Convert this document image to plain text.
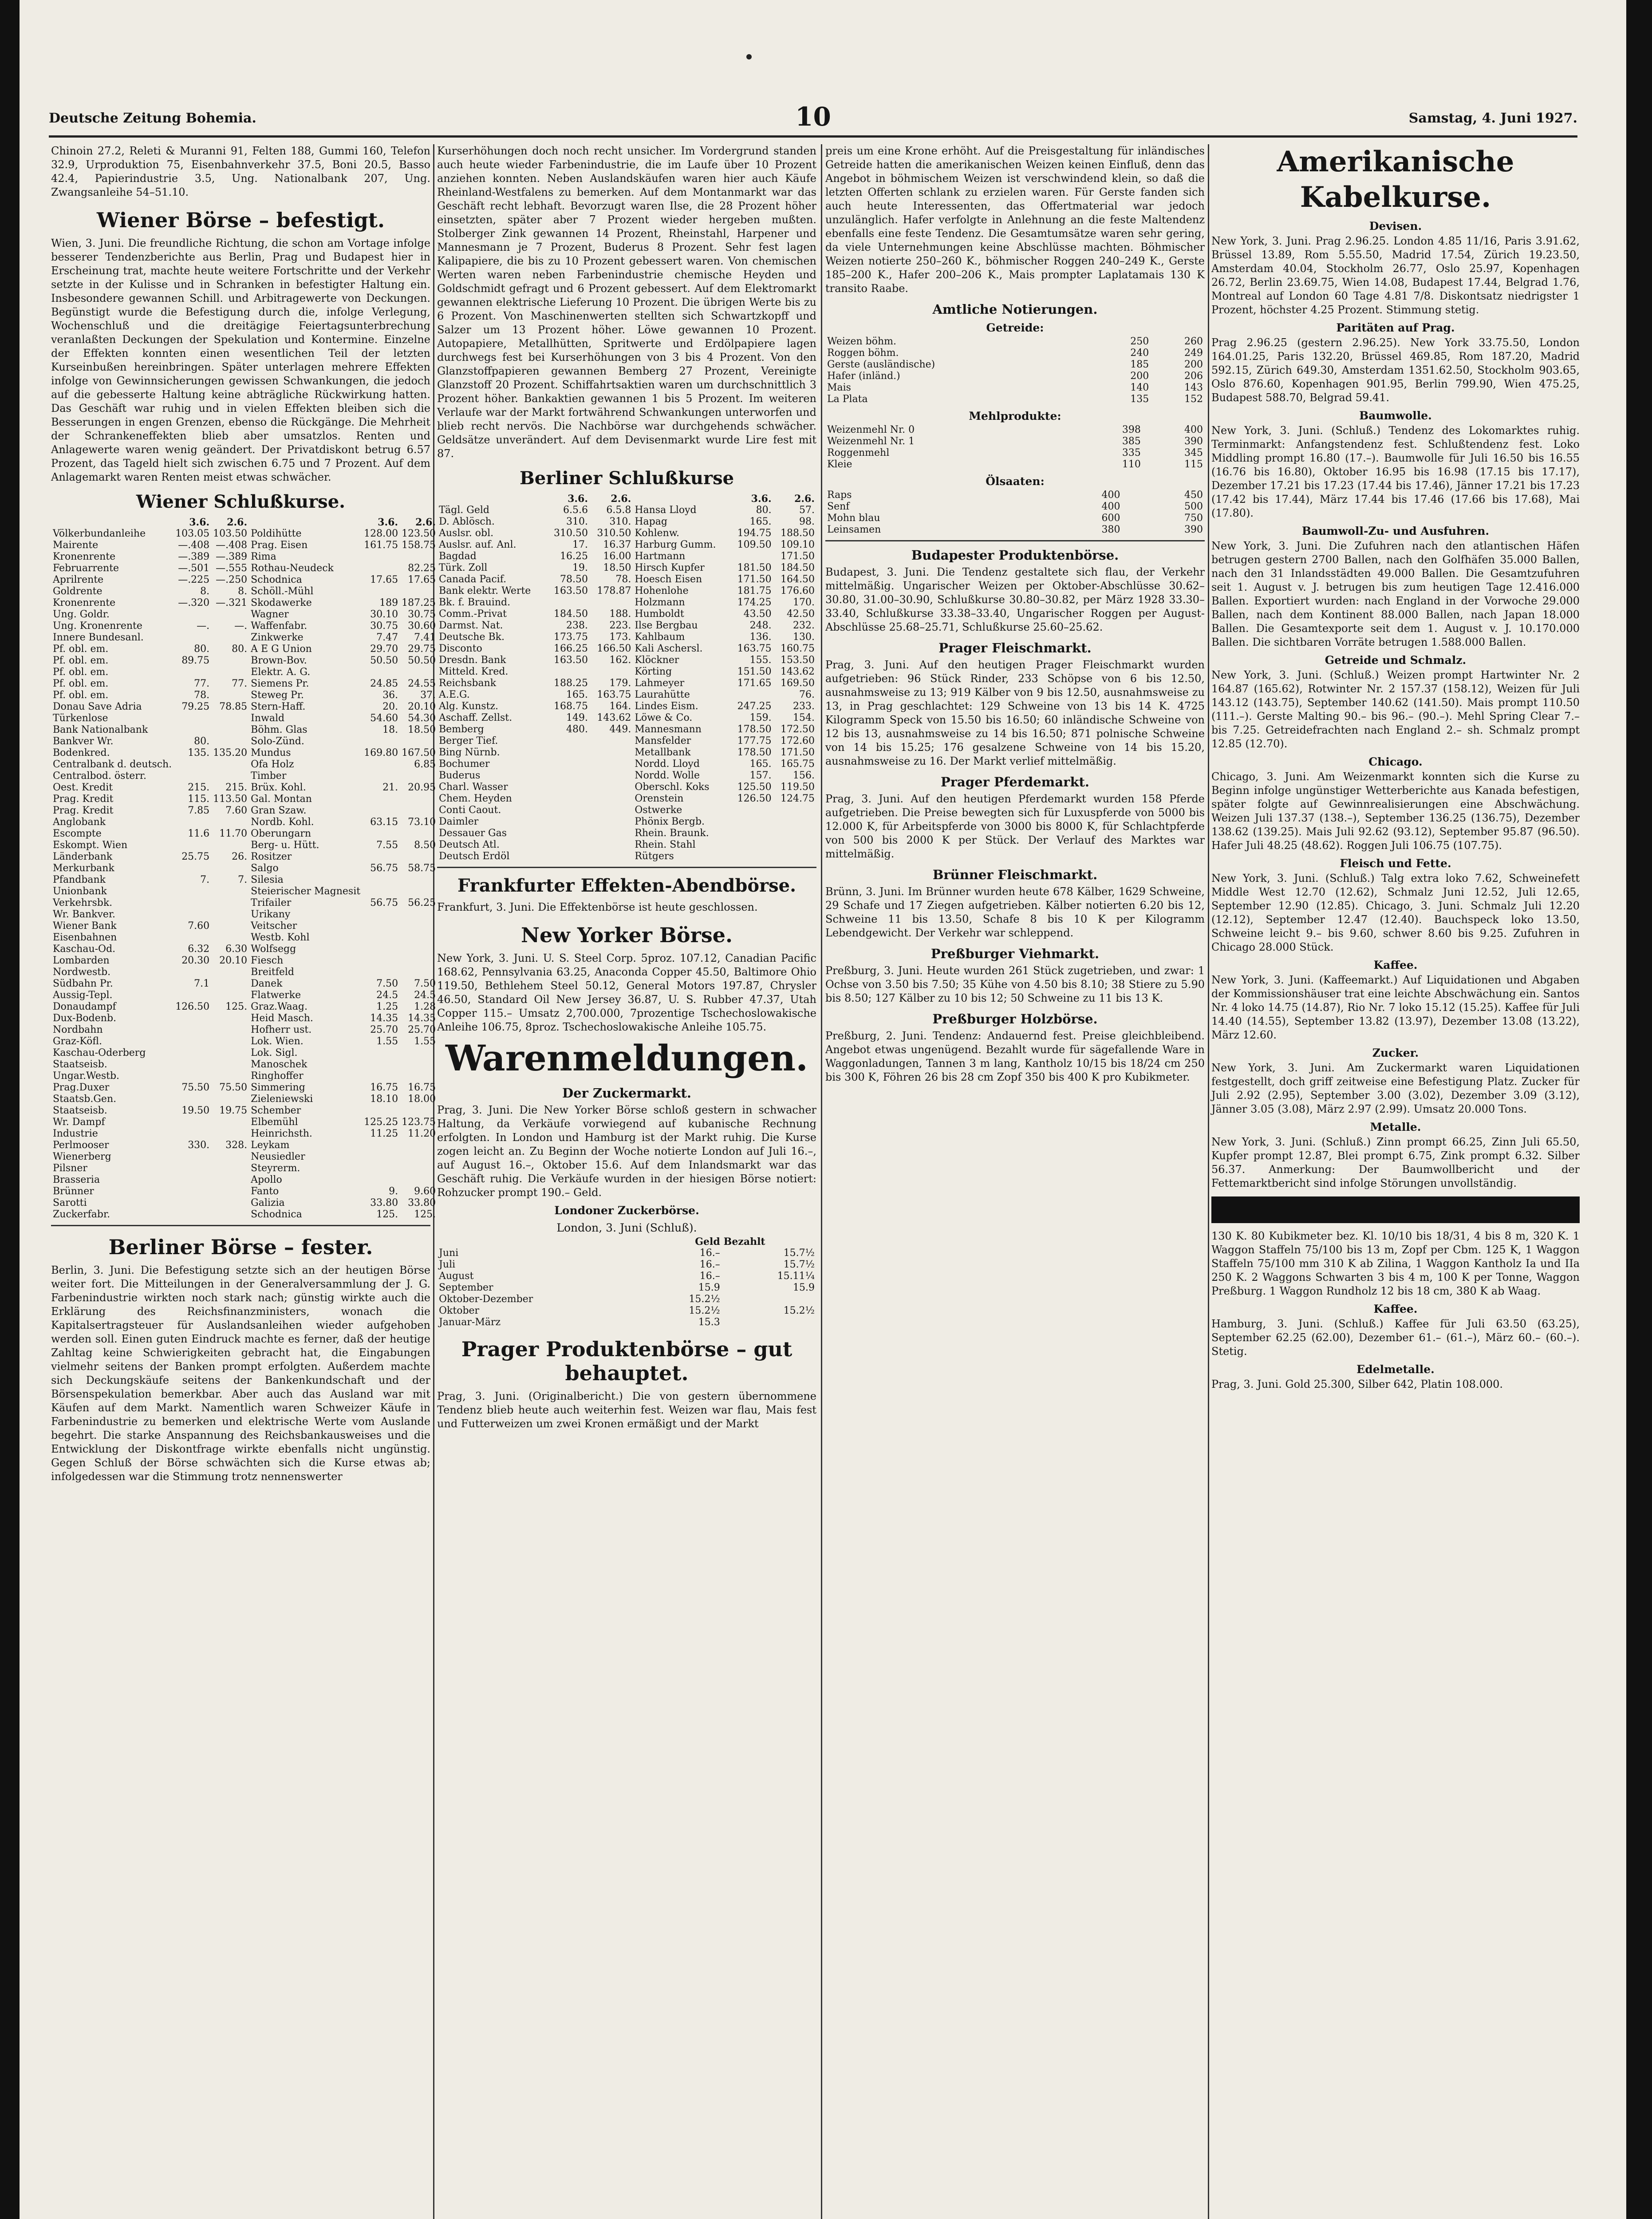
Deutsche Zeitung Bohemia.	10	Samstag, 4. Juni 1927.

Chinoin 27.2, Releti & Muranni 91, Felten 188, Gummi 160, Telefon 32.9, Urproduktion 75, Eisenbahnverkehr 37.5, Boni 20.5, Basso 42.4, Papierindustrie 3.5, Ung. Nationalbank 207, Ung. Zwangsanleihe 54–51.10.

Wiener Börse – befestigt.

Wien, 3. Juni. Die freundliche Richtung, die schon am Vortage infolge besserer Tendenzberichte aus Berlin, Prag und Budapest hier in Erscheinung trat, machte heute weitere Fortschritte und der Verkehr setzte in der Kulisse und in Schranken in befestigter Haltung ein. Insbesondere gewannen Schill. und Arbitragewerte von Deckungen. Begünstigt wurde die Befestigung durch die, infolge Verlegung, Wochenschluß und die dreitägige Feiertagsunterbrechung veranlaßten Deckungen der Spekulation und Kontermine. Einzelne der Effekten konnten einen wesentlichen Teil der letzten Kurseinbußen hereinbringen. Später unterlagen mehrere Effekten infolge von Gewinnsicherungen gewissen Schwankungen, die jedoch auf die gebesserte Haltung keine abträgliche Rückwirkung hatten. Das Geschäft war ruhig und in vielen Effekten bleiben sich die Besserungen in engen Grenzen, ebenso die Rückgänge. Die Mehrheit der Schrankeneffekten blieb aber umsatzlos. Renten und Anlagewerte waren wenig geändert. Der Privatdiskont betrug 6.57 Prozent, das Tageld hielt sich zwischen 6.75 und 7 Prozent. Auf dem Anlagemarkt waren Renten meist etwas schwächer.

Wiener Schlußkurse.
	3.6.	2.6.		3.6.	2.6.
Völkerbundanleihe	103.05	103.50	Poldihütte	128.00	123.50
Mairente	—.408	—.408	Prag. Eisen	161.75	158.75
Kronenrente	—.389	—.389	Rima		
Februarrente	—.501	—.555	Rothau-Neudeck		82.25
Aprilrente	—.225	—.250	Schodnica	17.65	17.65
Goldrente	8.	8.	Schöll.-Mühl		
Kronenrente	—.320	—.321	Skodawerke	189	187.25
Ung. Goldr.			Wagner	30.10	30.75
Ung. Kronenrente	—.	—.	Waffenfabr.	30.75	30.60
Innere Bundesanl.			Zinkwerke	7.47	7.41
Pf. obl. em.	80.	80.	A E G Union	29.70	29.75
Pf. obl. em.	89.75		Brown-Bov.	50.50	50.50
Pf. obl. em.			Elektr. A. G.		
Pf. obl. em.	77.	77.	Siemens Pr.	24.85	24.55
Pf. obl. em.	78.		Steweg Pr.	36.	37.
Donau Save Adria	79.25	78.85	Stern-Haff.	20.	20.10
Türkenlose			Inwald	54.60	54.30
Bank Nationalbank			Böhm. Glas	18.	18.50
Bankver Wr.	80.		Solo-Zünd.		
Bodenkred.	135.	135.20	Mundus	169.80	167.50
Centralbank d. deutsch.			Ofa Holz		6.85
Centralbod. österr.			Timber		
Oest. Kredit	215.	215.	Brüx. Kohl.	21.	20.95
Prag. Kredit	115.	113.50	Gal. Montan		
Prag. Kredit	7.85	7.60	Gran Szaw.		
Anglobank			Nordb. Kohl.	63.15	73.10
Escompte	11.6	11.70	Oberungarn		
Eskompt. Wien			Berg- u. Hütt.	7.55	8.50
Länderbank	25.75	26.	Rositzer		
Merkurbank			Salgo	56.75	58.75
Pfandbank	7.	7.	Silesia		
Unionbank			Steierischer Magnesit		
Verkehrsbk.			Trifailer	56.75	56.25
Wr. Bankver.			Urikany		
Wiener Bank	7.60		Veitscher		
Eisenbahnen			Westb. Kohl		
Kaschau-Od.	6.32	6.30	Wolfsegg		
Lombarden	20.30	20.10	Fiesch		
Nordwestb.			Breitfeld		
Südbahn Pr.	7.1		Danek	7.50	7.50
Aussig-Tepl.			Flatwerke	24.5	24.5
Donaudampf	126.50	125.	Graz.Waag.	1.25	1.28
Dux-Bodenb.			Heid Masch.	14.35	14.35
Nordbahn			Hofherr ust.	25.70	25.70
Graz-Köfl.			Lok. Wien.	1.55	1.55
Kaschau-Oderberg			Lok. Sigl.		
Staatseisb.			Manoschek		
Ungar.Westb.			Ringhoffer		
Prag.Duxer	75.50	75.50	Simmering	16.75	16.75
Staatsb.Gen.			Zieleniewski	18.10	18.00
Staatseisb.	19.50	19.75	Schember		
Wr. Dampf			Elbemühl	125.25	123.75
Industrie			Heinrichsth.	11.25	11.20
Perlmooser	330.	328.	Leykam		
Wienerberg			Neusiedler		
Pilsner			Steyrerm.		
Brasseria			Apollo		
Brünner			Fanto	9.	9.60
Sarotti			Galizia	33.80	33.80
Zuckerfabr.			Schodnica	125.	125.
Berliner Börse – fester.

Berlin, 3. Juni. Die Befestigung setzte sich an der heutigen Börse weiter fort. Die Mitteilungen in der Generalversammlung der J. G. Farbenindustrie wirkten noch stark nach; günstig wirkte auch die Erklärung des Reichsfinanzministers, wonach die Kapitalsertragsteuer für Auslandsanleihen wieder aufgehoben werden soll. Einen guten Eindruck machte es ferner, daß der heutige Zahltag keine Schwierigkeiten gebracht hat, die Eingabungen vielmehr seitens der Banken prompt erfolgten. Außerdem machte sich Deckungskäufe seitens der Bankenkundschaft und der Börsenspekulation bemerkbar. Aber auch das Ausland war mit Käufen auf dem Markt. Namentlich waren Schweizer Käufe in Farbenindustrie zu bemerken und elektrische Werte vom Auslande begehrt. Die starke Anspannung des Reichsbankausweises und die Entwicklung der Diskontfrage wirkte ebenfalls nicht ungünstig. Gegen Schluß der Börse schwächten sich die Kurse etwas ab; infolgedessen war die Stimmung trotz nennenswerter

Kurserhöhungen doch noch recht unsicher. Im Vordergrund standen auch heute wieder Farbenindustrie, die im Laufe über 10 Prozent anziehen konnten. Neben Auslandskäufen waren hier auch Käufe Rheinland-Westfalens zu bemerken. Auf dem Montanmarkt war das Geschäft recht lebhaft. Bevorzugt waren Ilse, die 28 Prozent höher einsetzten, später aber 7 Prozent wieder hergeben mußten. Stolberger Zink gewannen 14 Prozent, Rheinstahl, Harpener und Mannesmann je 7 Prozent, Buderus 8 Prozent. Sehr fest lagen Kalipapiere, die bis zu 10 Prozent gebessert waren. Von chemischen Werten waren neben Farbenindustrie chemische Heyden und Goldschmidt gefragt und 6 Prozent gebessert. Auf dem Elektromarkt gewannen elektrische Lieferung 10 Prozent. Die übrigen Werte bis zu 6 Prozent. Von Maschinenwerten stellten sich Schwartzkopff und Salzer um 13 Prozent höher. Löwe gewannen 10 Prozent. Autopapiere, Metallhütten, Spritwerte und Erdölpapiere lagen durchwegs fest bei Kurserhöhungen von 3 bis 4 Prozent. Von den Glanzstoffpapieren gewannen Bemberg 27 Prozent, Vereinigte Glanzstoff 20 Prozent. Schiffahrtsaktien waren um durchschnittlich 3 Prozent höher. Bankaktien gewannen 1 bis 5 Prozent. Im weiteren Verlaufe war der Markt fortwährend Schwankungen unterworfen und blieb recht nervös. Die Nachbörse war durchgehends schwächer. Geldsätze unverändert. Auf dem Devisenmarkt wurde Lire fest mit 87.

Berliner Schlußkurse
	3.6.	2.6.		3.6.	2.6.
Tägl. Geld	6.5.6	6.5.8	Hansa Lloyd	80.	57.
D. Ablösch.	310.	310.	Hapag	165.	98.
Auslsr. obl.	310.50	310.50	Kohlenw.	194.75	188.50
Auslsr. auf. Anl.	17.	16.37	Harburg Gumm.	109.50	109.10
Bagdad	16.25	16.00	Hartmann		171.50
Türk. Zoll	19.	18.50	Hirsch Kupfer	181.50	184.50
Canada Pacif.	78.50	78.	Hoesch Eisen	171.50	164.50
Bank elektr. Werte	163.50	178.87	Hohenlohe	181.75	176.60
Bk. f. Brauind.			Holzmann	174.25	170.
Comm.-Privat	184.50	188.	Humboldt	43.50	42.50
Darmst. Nat.	238.	223.	Ilse Bergbau	248.	232.
Deutsche Bk.	173.75	173.	Kahlbaum	136.	130.
Disconto	166.25	166.50	Kali Aschersl.	163.75	160.75
Dresdn. Bank	163.50	162.	Klöckner	155.	153.50
Mitteld. Kred.			Körting	151.50	143.62
Reichsbank	188.25	179.	Lahmeyer	171.65	169.50
A.E.G.	165.	163.75	Laurahütte		76.
Alg. Kunstz.	168.75	164.	Lindes Eism.	247.25	233.
Aschaff. Zellst.	149.	143.62	Löwe & Co.	159.	154.
Bemberg	480.	449.	Mannesmann	178.50	172.50
Berger Tief.			Mansfelder	177.75	172.60
Bing Nürnb.			Metallbank	178.50	171.50
Bochumer			Nordd. Lloyd	165.	165.75
Buderus			Nordd. Wolle	157.	156.
Charl. Wasser			Oberschl. Koks	125.50	119.50
Chem. Heyden			Orenstein	126.50	124.75
Conti Caout.			Ostwerke		
Daimler			Phönix Bergb.		
Dessauer Gas			Rhein. Braunk.		
Deutsch Atl.			Rhein. Stahl		
Deutsch Erdöl			Rütgers		
Frankfurter Effekten-Abendbörse.

Frankfurt, 3. Juni. Die Effektenbörse ist heute geschlossen.

New Yorker Börse.

New York, 3. Juni. U. S. Steel Corp. 5proz. 107.12, Canadian Pacific 168.62, Pennsylvania 63.25, Anaconda Copper 45.50, Baltimore Ohio 119.50, Bethlehem Steel 50.12, General Motors 197.87, Chrysler 46.50, Standard Oil New Jersey 36.87, U. S. Rubber 47.37, Utah Copper 115.– Umsatz 2,700.000, 7prozentige Tschechoslowakische Anleihe 106.75, 8proz. Tschechoslowakische Anleihe 105.75.

Warenmeldungen.
Der Zuckermarkt.

Prag, 3. Juni. Die New Yorker Börse schloß gestern in schwacher Haltung, da Verkäufe vorwiegend auf kubanische Rechnung erfolgten. In London und Hamburg ist der Markt ruhig. Die Kurse zogen leicht an. Zu Beginn der Woche notierte London auf Juli 16.–, auf August 16.–, Oktober 15.6. Auf dem Inlandsmarkt war das Geschäft ruhig. Die Verkäufe wurden in der hiesigen Börse notiert: Rohzucker prompt 190.– Geld.

Londoner Zuckerbörse.
London, 3. Juni (Schluß).
		Geld	Bezahlt
Juni		16.–	15.7½
Juli		16.–	15.7½
August		16.–	15.11¼
September		15.9	15.9
Oktober-Dezember		15.2½	
Oktober		15.2½	15.2½
Januar-März		15.3	
Prager Produktenbörse – gut behauptet.

Prag, 3. Juni. (Originalbericht.) Die von gestern übernommene Tendenz blieb heute auch weiterhin fest. Weizen war flau, Mais fest und Futterweizen um zwei Kronen ermäßigt und der Markt

preis um eine Krone erhöht. Auf die Preisgestaltung für inländisches Getreide hatten die amerikanischen Weizen keinen Einfluß, denn das Angebot in böhmischem Weizen ist verschwindend klein, so daß die letzten Offerten schlank zu erzielen waren. Für Gerste fanden sich auch heute Interessenten, das Offertmaterial war jedoch unzulänglich. Hafer verfolgte in Anlehnung an die feste Maltendenz ebenfalls eine feste Tendenz. Die Gesamtumsätze waren sehr gering, da viele Unternehmungen keine Abschlüsse machten. Böhmischer Weizen notierte 250–260 K., böhmischer Roggen 240–249 K., Gerste 185–200 K., Hafer 200–206 K., Mais prompter Laplatamais 130 K transito Raabe.

Amtliche Notierungen.
Getreide:
Weizen böhm.	250	260
Roggen böhm.	240	249
Gerste (ausländische)	185	200
Hafer (inländ.)	200	206
Mais	140	143
La Plata	135	152
Mehlprodukte:
Weizenmehl Nr. 0	398	400
Weizenmehl Nr. 1	385	390
Roggenmehl	335	345
Kleie	110	115
Ölsaaten:
Raps	400	450
Senf	400	500
Mohn blau	600	750
Leinsamen	380	390
Budapester Produktenbörse.

Budapest, 3. Juni. Die Tendenz gestaltete sich flau, der Verkehr mittelmäßig. Ungarischer Weizen per Oktober-Abschlüsse 30.62–30.80, 31.00–30.90, Schlußkurse 30.80–30.82, per März 1928 33.30–33.40, Schlußkurse 33.38–33.40, Ungarischer Roggen per August-Abschlüsse 25.68–25.71, Schlußkurse 25.60–25.62.

Prager Fleischmarkt.

Prag, 3. Juni. Auf den heutigen Prager Fleischmarkt wurden aufgetrieben: 96 Stück Rinder, 233 Schöpse von 6 bis 12.50, ausnahmsweise zu 13; 919 Kälber von 9 bis 12.50, ausnahmsweise zu 13, in Prag geschlachtet: 129 Schweine von 13 bis 14 K. 4725 Kilogramm Speck von 15.50 bis 16.50; 60 inländische Schweine von 12 bis 13, ausnahmsweise zu 14 bis 16.50; 871 polnische Schweine von 14 bis 15.25; 176 gesalzene Schweine von 14 bis 15.20, ausnahmsweise zu 16. Der Markt verlief mittelmäßig.

Prager Pferdemarkt.

Prag, 3. Juni. Auf den heutigen Pferdemarkt wurden 158 Pferde aufgetrieben. Die Preise bewegten sich für Luxuspferde von 5000 bis 12.000 K, für Arbeitspferde von 3000 bis 8000 K, für Schlachtpferde von 500 bis 2000 K per Stück. Der Verlauf des Marktes war mittelmäßig.

Brünner Fleischmarkt.

Brünn, 3. Juni. Im Brünner wurden heute 678 Kälber, 1629 Schweine, 29 Schafe und 17 Ziegen aufgetrieben. Kälber notierten 6.20 bis 12, Schweine 11 bis 13.50, Schafe 8 bis 10 K per Kilogramm Lebendgewicht. Der Verkehr war schleppend.

Preßburger Viehmarkt.

Preßburg, 3. Juni. Heute wurden 261 Stück zugetrieben, und zwar: 1 Ochse von 3.50 bis 7.50; 35 Kühe von 4.50 bis 8.10; 38 Stiere zu 5.90 bis 8.50; 127 Kälber zu 10 bis 12; 50 Schweine zu 11 bis 13 K.

Preßburger Holzbörse.

Preßburg, 2. Juni. Tendenz: Andauernd fest. Preise gleichbleibend. Angebot etwas ungenügend. Bezahlt wurde für sägefallende Ware in Waggonladungen, Tannen 3 m lang, Kantholz 10/15 bis 18/24 cm 250 bis 300 K, Föhren 26 bis 28 cm Zopf 350 bis 400 K pro Kubikmeter.

Amerikanische Kabelkurse.
Devisen.

New York, 3. Juni. Prag 2.96.25. London 4.85 11/16, Paris 3.91.62, Brüssel 13.89, Rom 5.55.50, Madrid 17.54, Zürich 19.23.50, Amsterdam 40.04, Stockholm 26.77, Oslo 25.97, Kopenhagen 26.72, Berlin 23.69.75, Wien 14.08, Budapest 17.44, Belgrad 1.76, Montreal auf London 60 Tage 4.81 7/8. Diskontsatz niedrigster 1 Prozent, höchster 4.25 Prozent. Stimmung stetig.

Paritäten auf Prag.

Prag 2.96.25 (gestern 2.96.25). New York 33.75.50, London 164.01.25, Paris 132.20, Brüssel 469.85, Rom 187.20, Madrid 592.15, Zürich 649.30, Amsterdam 1351.62.50, Stockholm 903.65, Oslo 876.60, Kopenhagen 901.95, Berlin 799.90, Wien 475.25, Budapest 588.70, Belgrad 59.41.

Baumwolle.

New York, 3. Juni. (Schluß.) Tendenz des Lokomarktes ruhig. Terminmarkt: Anfangstendenz fest. Schlußtendenz fest. Loko Middling prompt 16.80 (17.–). Baumwolle für Juli 16.50 bis 16.55 (16.76 bis 16.80), Oktober 16.95 bis 16.98 (17.15 bis 17.17), Dezember 17.21 bis 17.23 (17.44 bis 17.46), Jänner 17.21 bis 17.23 (17.42 bis 17.44), März 17.44 bis 17.46 (17.66 bis 17.68), Mai (17.80).

Baumwoll-Zu- und Ausfuhren.

New York, 3. Juni. Die Zufuhren nach den atlantischen Häfen betrugen gestern 2700 Ballen, nach den Golfhäfen 35.000 Ballen, nach den 31 Inlandsstädten 49.000 Ballen. Die Gesamtzufuhren seit 1. August v. J. betrugen bis zum heutigen Tage 12.416.000 Ballen. Exportiert wurden: nach England in der Vorwoche 29.000 Ballen, nach dem Kontinent 88.000 Ballen, nach Japan 18.000 Ballen. Die Gesamtexporte seit dem 1. August v. J. 10.170.000 Ballen. Die sichtbaren Vorräte betrugen 1.588.000 Ballen.

Getreide und Schmalz.

New York, 3. Juni. (Schluß.) Weizen prompt Hartwinter Nr. 2 164.87 (165.62), Rotwinter Nr. 2 157.37 (158.12), Weizen für Juli 143.12 (143.75), September 140.62 (141.50). Mais prompt 110.50 (111.–). Gerste Malting 90.– bis 96.– (90.–). Mehl Spring Clear 7.– bis 7.25. Getreidefrachten nach England 2.– sh. Schmalz prompt 12.85 (12.70).

Chicago.

Chicago, 3. Juni. Am Weizenmarkt konnten sich die Kurse zu Beginn infolge ungünstiger Wetterberichte aus Kanada befestigen, später folgte auf Gewinnrealisierungen eine Abschwächung. Weizen Juli 137.37 (138.–), September 136.25 (136.75), Dezember 138.62 (139.25). Mais Juli 92.62 (93.12), September 95.87 (96.50). Hafer Juli 48.25 (48.62). Roggen Juli 106.75 (107.75).

Fleisch und Fette.

New York, 3. Juni. (Schluß.) Talg extra loko 7.62, Schweinefett Middle West 12.70 (12.62), Schmalz Juni 12.52, Juli 12.65, September 12.90 (12.85). Chicago, 3. Juni. Schmalz Juli 12.20 (12.12), September 12.47 (12.40). Bauchspeck loko 13.50, Schweine leicht 9.– bis 9.60, schwer 8.60 bis 9.25. Zufuhren in Chicago 28.000 Stück.

Kaffee.

New York, 3. Juni. (Kaffeemarkt.) Auf Liquidationen und Abgaben der Kommissionshäuser trat eine leichte Abschwächung ein. Santos Nr. 4 loko 14.75 (14.87), Rio Nr. 7 loko 15.12 (15.25). Kaffee für Juli 14.40 (14.55), September 13.82 (13.97), Dezember 13.08 (13.22), März 12.60.

Zucker.

New York, 3. Juni. Am Zuckermarkt waren Liquidationen festgestellt, doch griff zeitweise eine Befestigung Platz. Zucker für Juli 2.92 (2.95), September 3.00 (3.02), Dezember 3.09 (3.12), Jänner 3.05 (3.08), März 2.97 (2.99). Umsatz 20.000 Tons.

Metalle.

New York, 3. Juni. (Schluß.) Zinn prompt 66.25, Zinn Juli 65.50, Kupfer prompt 12.87, Blei prompt 6.75, Zink prompt 6.32. Silber 56.37. Anmerkung: Der Baumwollbericht und der Fettemarktbericht sind infolge Störungen unvollständig.

130 K. 80 Kubikmeter bez. Kl. 10/10 bis 18/31, 4 bis 8 m, 320 K. 1 Waggon Staffeln 75/100 bis 13 m, Zopf per Cbm. 125 K, 1 Waggon Staffeln 75/100 mm 310 K ab Zilina, 1 Waggon Kantholz Ia und IIa 250 K. 2 Waggons Schwarten 3 bis 4 m, 100 K per Tonne, Waggon Preßburg. 1 Waggon Rundholz 12 bis 18 cm, 380 K ab Waag.

Kaffee.

Hamburg, 3. Juni. (Schluß.) Kaffee für Juli 63.50 (63.25), September 62.25 (62.00), Dezember 61.– (61.–), März 60.– (60.–). Stetig.

Edelmetalle.

Prag, 3. Juni. Gold 25.300, Silber 642, Platin 108.000.
